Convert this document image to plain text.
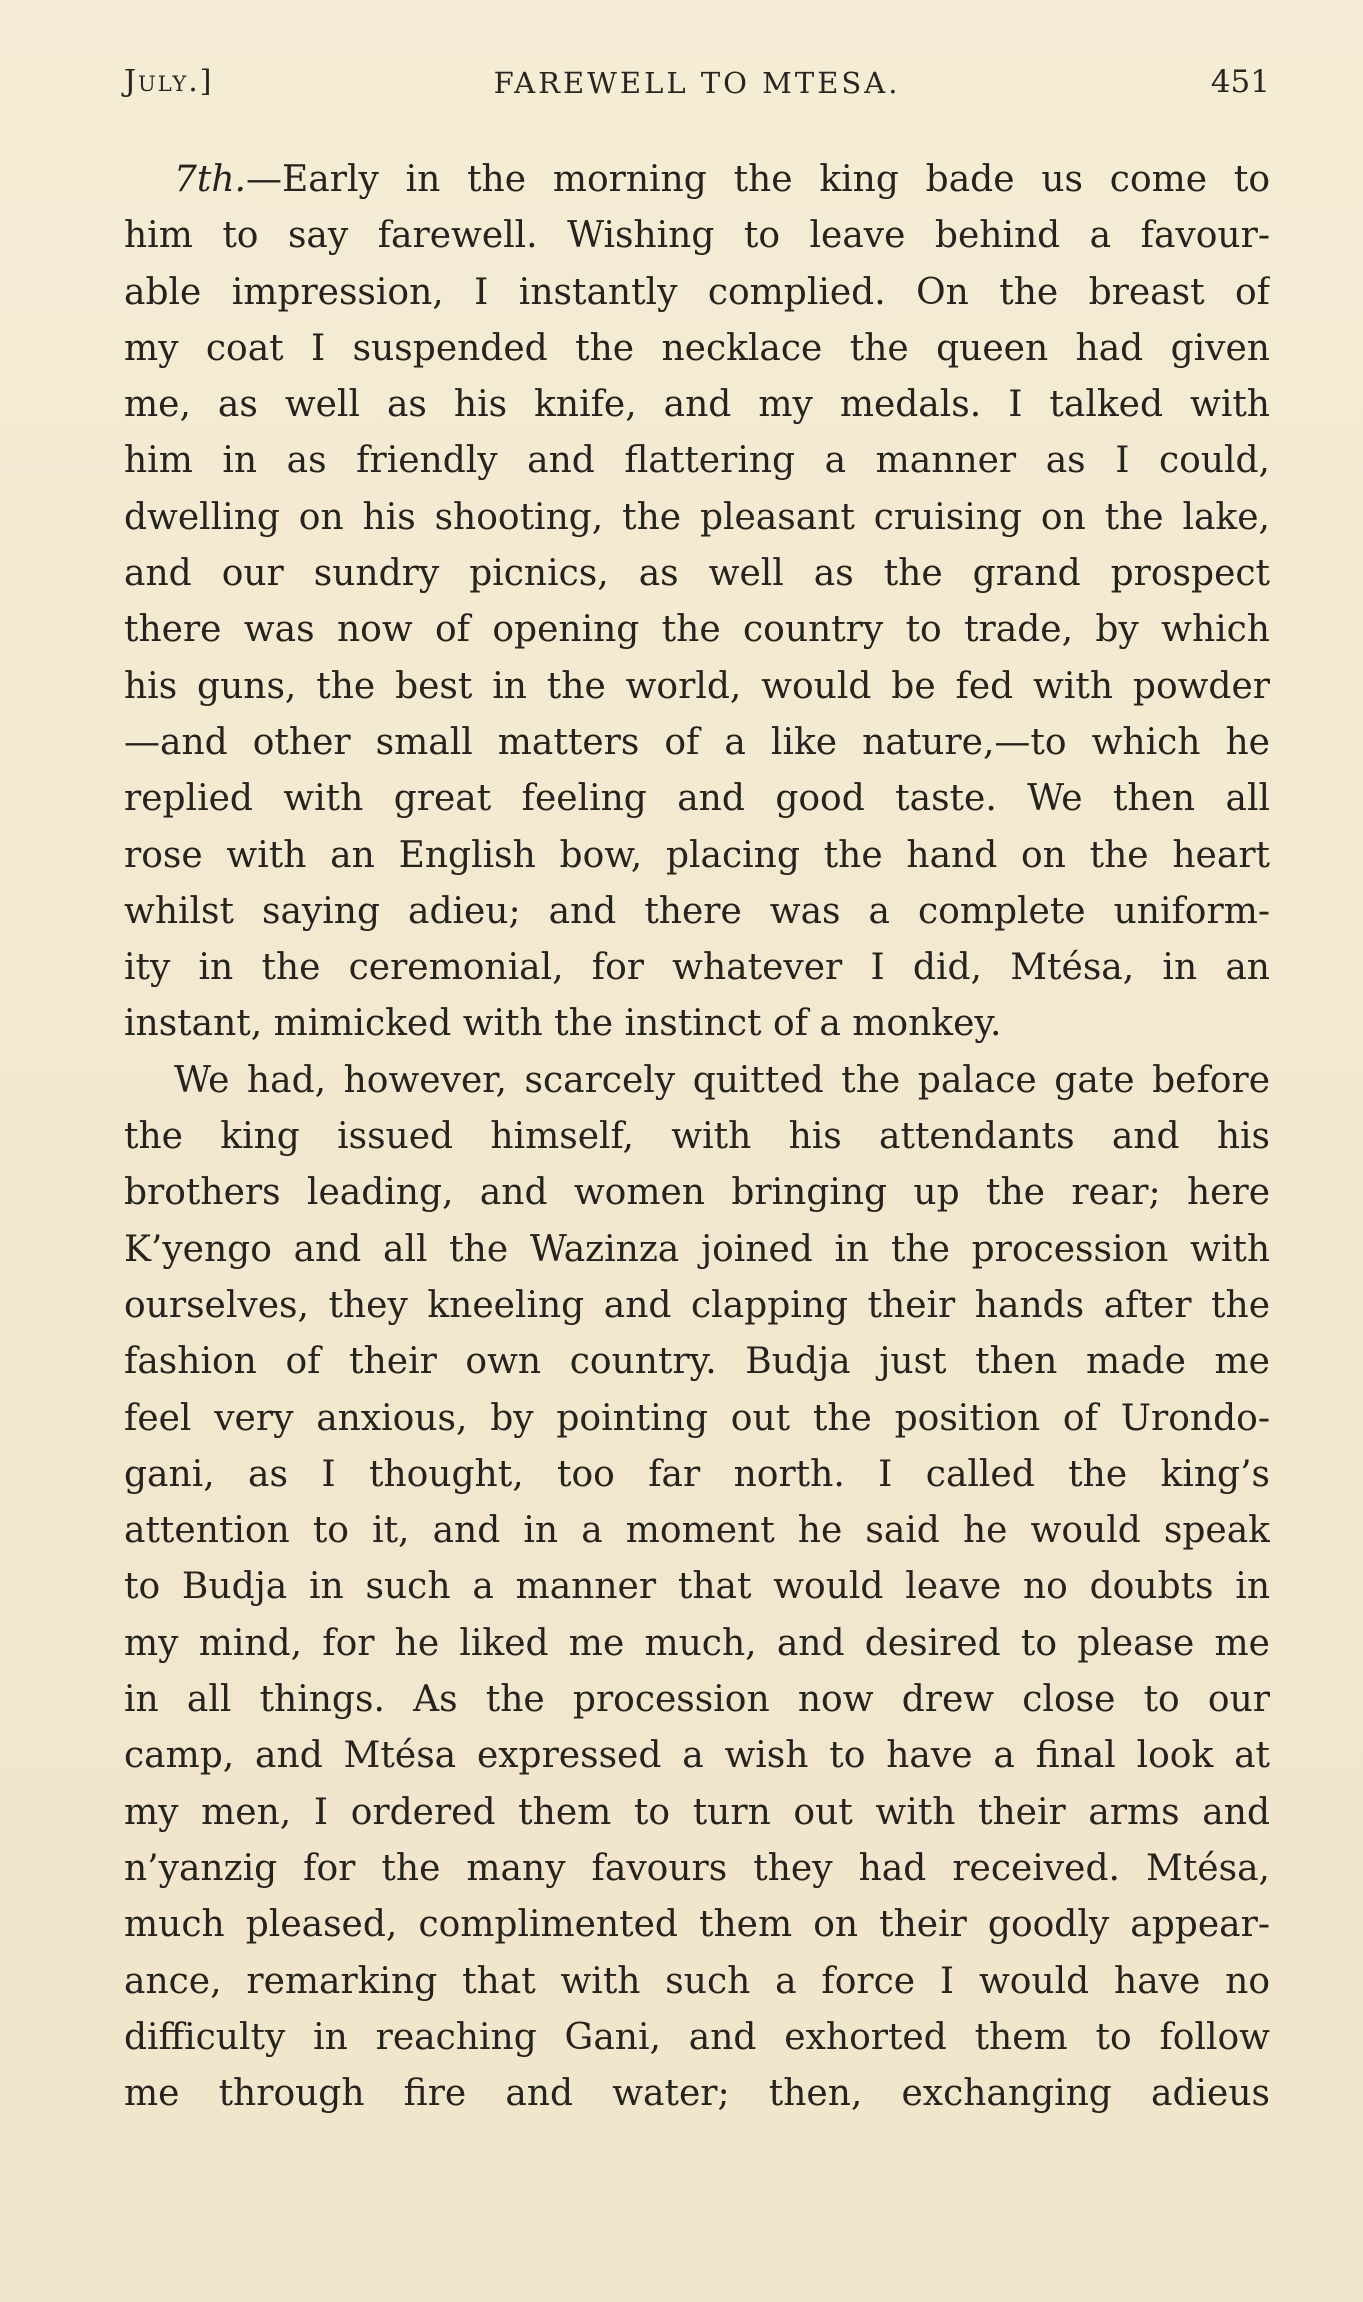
July.]	FAREWELL TO MTESA.	451
7th.—Early in the morning the king bade us come to
him to say farewell. Wishing to leave behind a favour-
able impression, I instantly complied. On the breast of
my coat I suspended the necklace the queen had given
me, as well as his knife, and my medals. I talked with
him in as friendly and flattering a manner as I could,
dwelling on his shooting, the pleasant cruising on the lake,
and our sundry picnics, as well as the grand prospect
there was now of opening the country to trade, by which
his guns, the best in the world, would be fed with powder
—and other small matters of a like nature,—to which he
replied with great feeling and good taste. We then all
rose with an English bow, placing the hand on the heart
whilst saying adieu; and there was a complete uniform-
ity in the ceremonial, for whatever I did, Mtésa, in an
instant, mimicked with the instinct of a monkey.
We had, however, scarcely quitted the palace gate before
the king issued himself, with his attendants and his
brothers leading, and women bringing up the rear; here
K’yengo and all the Wazinza joined in the procession with
ourselves, they kneeling and clapping their hands after the
fashion of their own country. Budja just then made me
feel very anxious, by pointing out the position of Urondo-
gani, as I thought, too far north. I called the king’s
attention to it, and in a moment he said he would speak
to Budja in such a manner that would leave no doubts in
my mind, for he liked me much, and desired to please me
in all things. As the procession now drew close to our
camp, and Mtésa expressed a wish to have a final look at
my men, I ordered them to turn out with their arms and
n’yanzig for the many favours they had received. Mtésa,
much pleased, complimented them on their goodly appear-
ance, remarking that with such a force I would have no
difficulty in reaching Gani, and exhorted them to follow
me through fire and water; then, exchanging adieus
